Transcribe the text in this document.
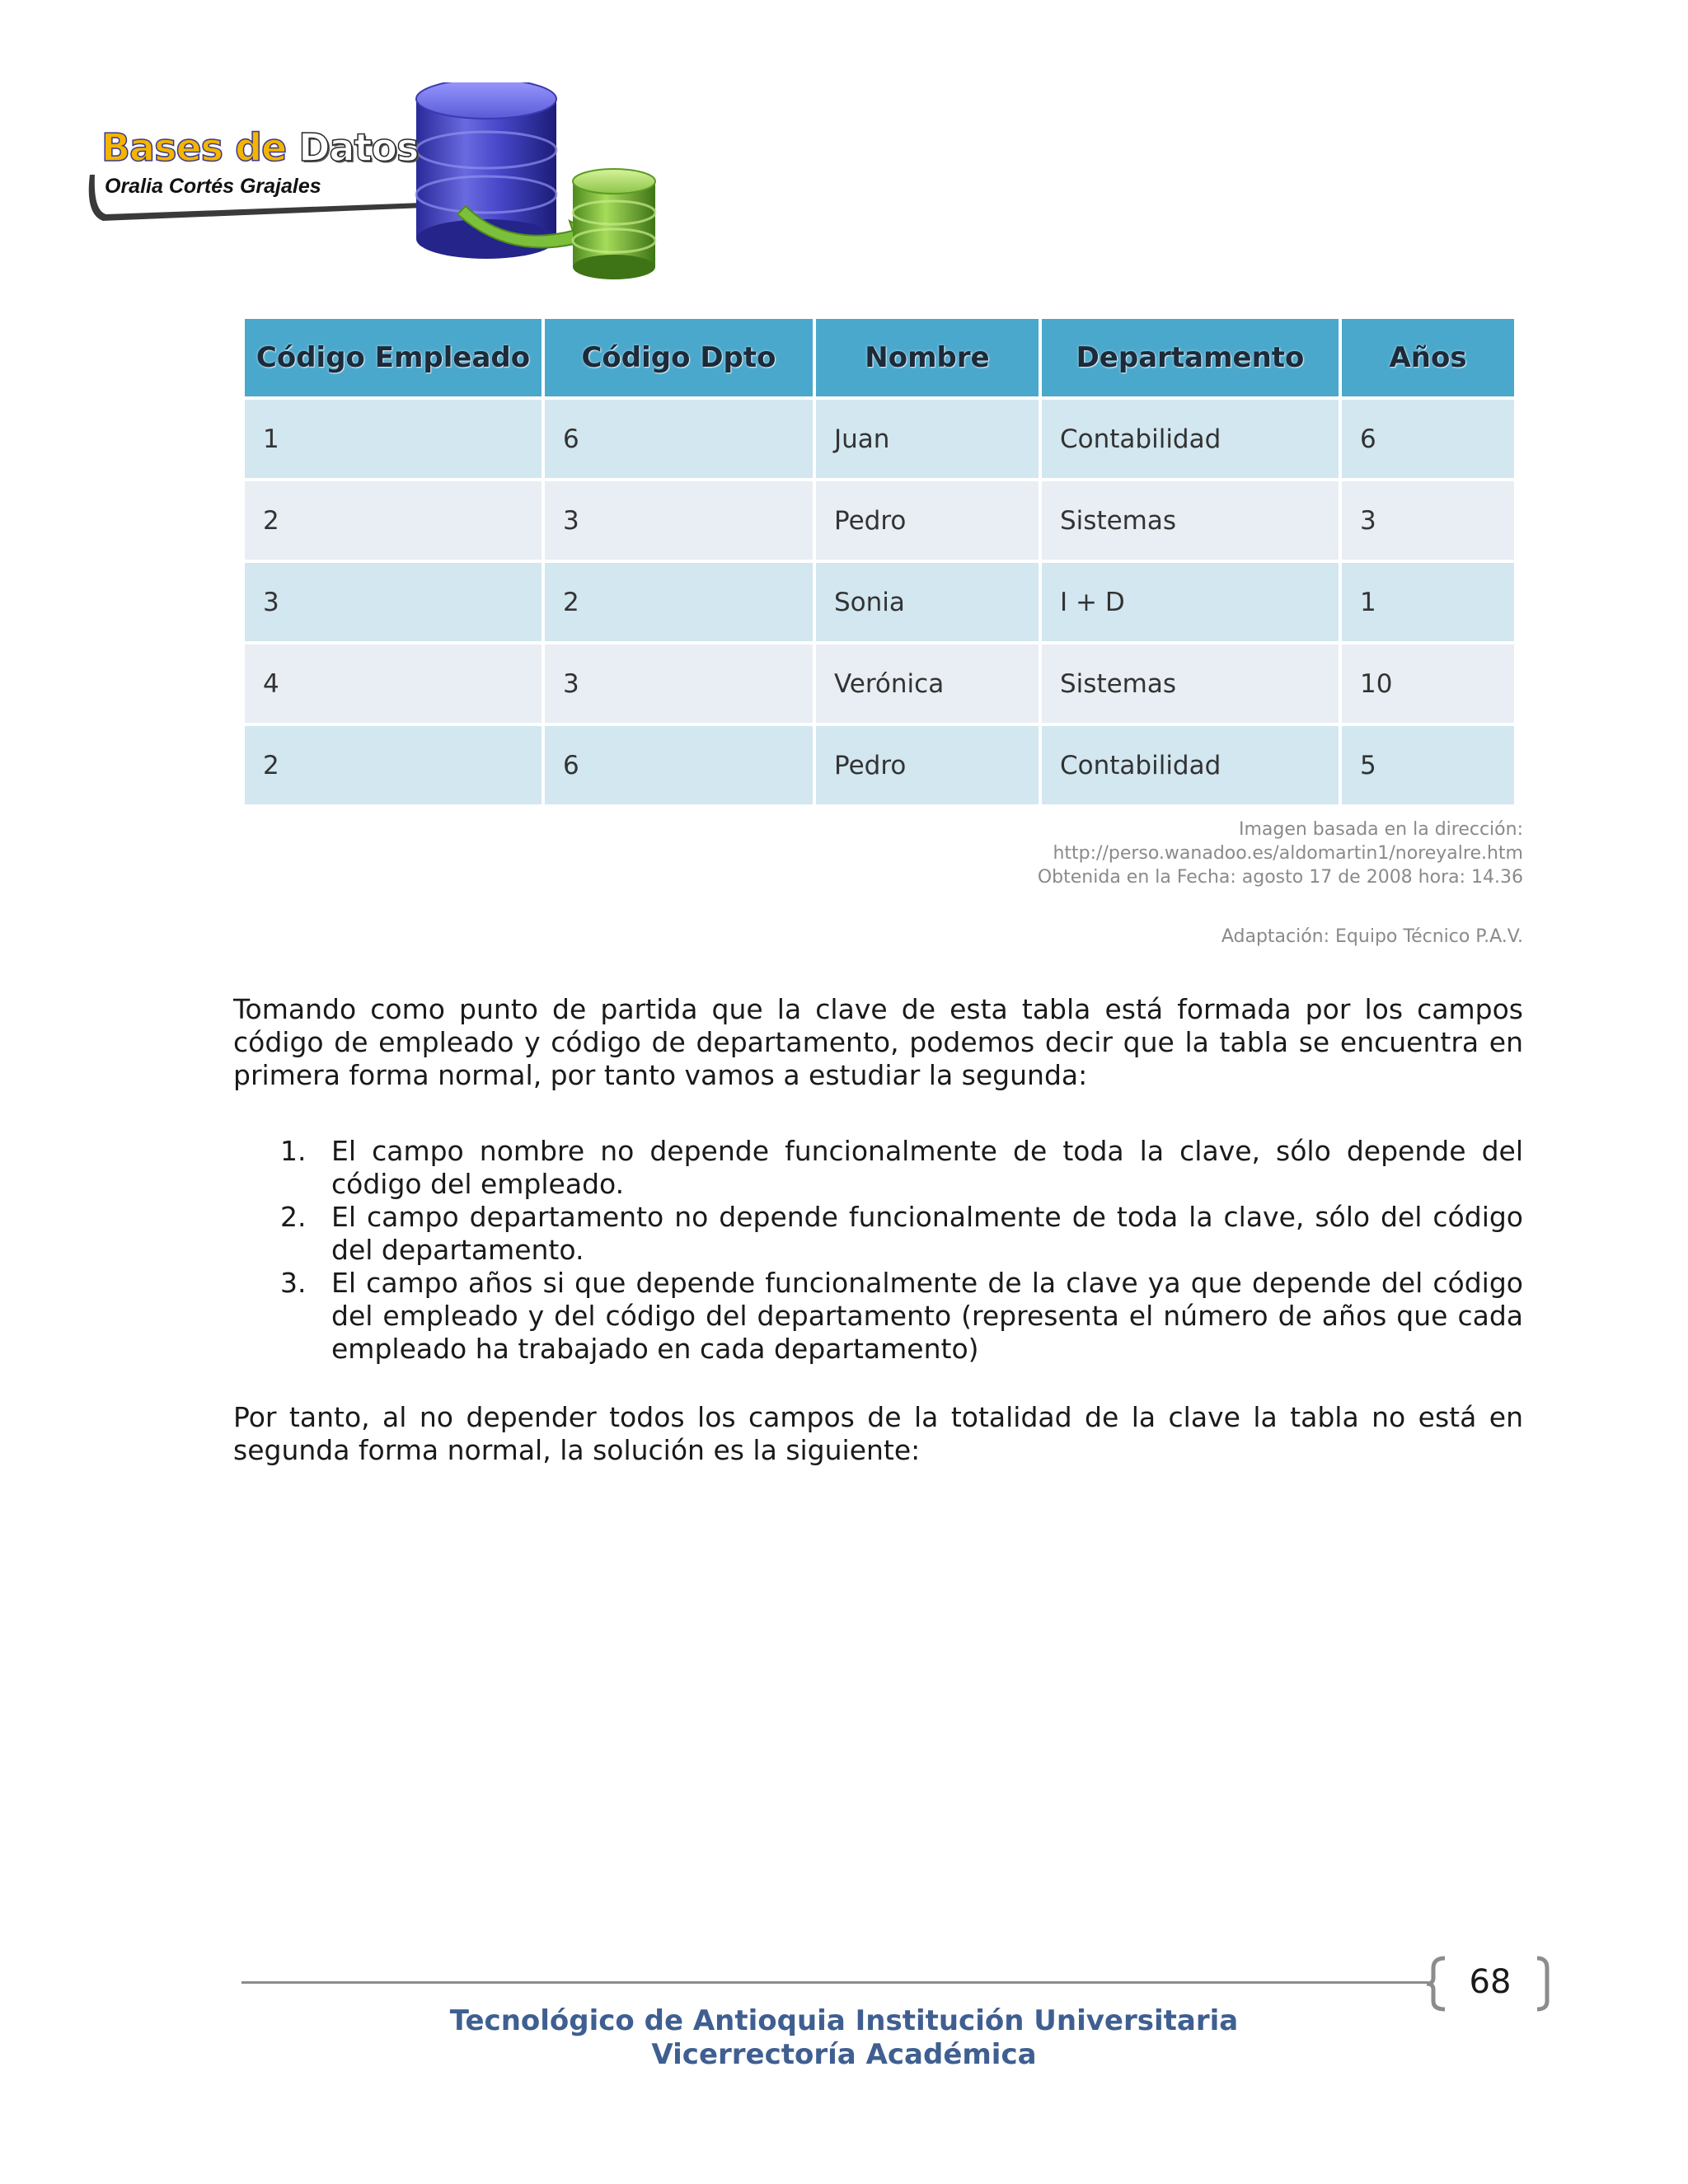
Bases de Datos
Oralia Cortés Grajales
Código Empleado	Código Dpto	Nombre	Departamento	Años
1	6	Juan	Contabilidad	6
2	3	Pedro	Sistemas	3
3	2	Sonia	I + D	1
4	3	Verónica	Sistemas	10
2	6	Pedro	Contabilidad	5
Imagen basada en la dirección:
http://perso.wanadoo.es/aldomartin1/noreyalre.htm
Obtenida en la Fecha: agosto 17 de 2008 hora: 14.36
Adaptación: Equipo Técnico P.A.V.

Tomando como punto de partida que la clave de esta tabla está formada por los campos código de empleado y código de departamento, podemos decir que la tabla se encuentra en primera forma normal, por tanto vamos a estudiar la segunda:

1. El campo nombre no depende funcionalmente de toda la clave, sólo depende del código del empleado.
2. El campo departamento no depende funcionalmente de toda la clave, sólo del código del departamento.
3. El campo años si que depende funcionalmente de la clave ya que depende del código del empleado y del código del departamento (representa el número de años que cada empleado ha trabajado en cada departamento)

Por tanto, al no depender todos los campos de la totalidad de la clave la tabla no está en segunda forma normal, la solución es la siguiente:

68
Tecnológico de Antioquia Institución Universitaria
Vicerrectoría Académica
